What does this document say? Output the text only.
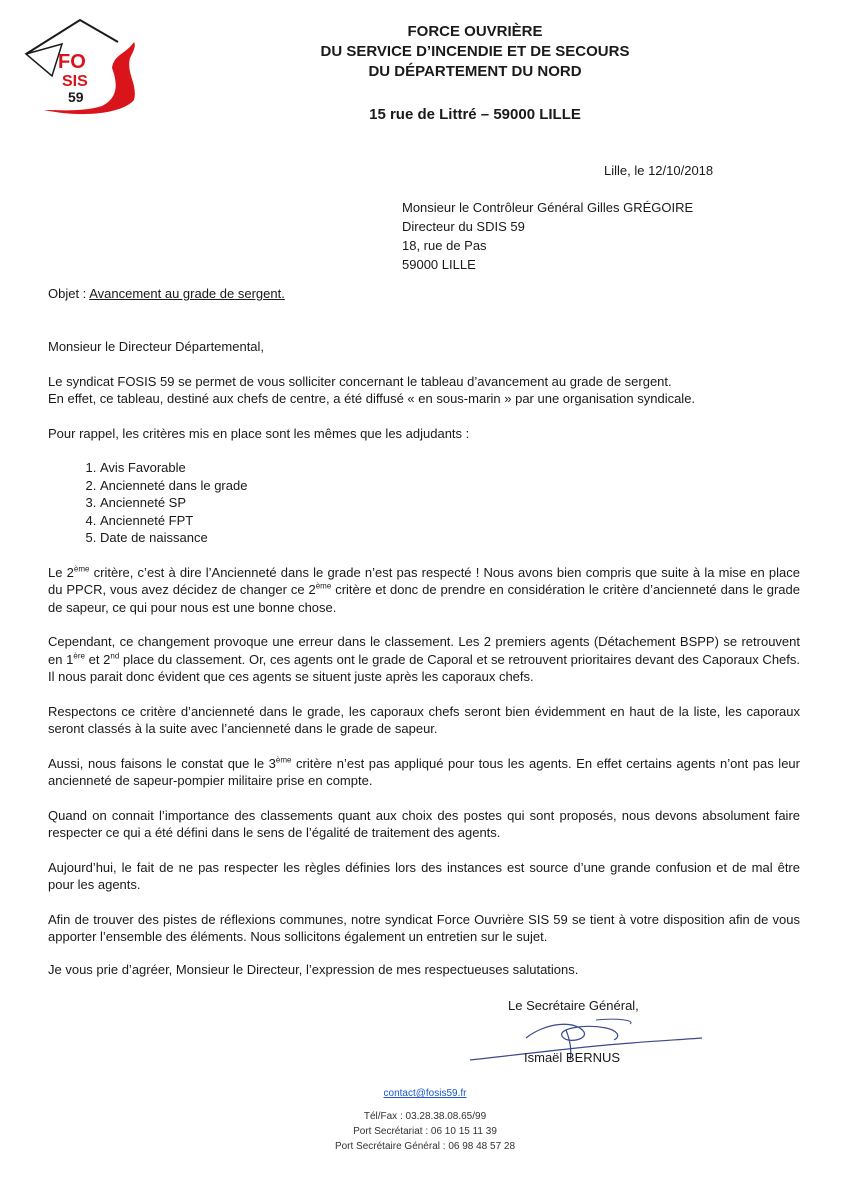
FO
SIS
59
FORCE OUVRIÈRE
DU SERVICE D’INCENDIE ET DE SECOURS
DU DÉPARTEMENT DU NORD
15 rue de Littré – 59000 LILLE
Lille, le 12/10/2018
Monsieur le Contrôleur Général Gilles GRÉGOIRE
Directeur du SDIS 59
18, rue de Pas
59000 LILLE
Objet : Avancement au grade de sergent.

Monsieur le Directeur Départemental,

Le syndicat FOSIS 59 se permet de vous solliciter concernant le tableau d’avancement au grade de sergent.
En effet, ce tableau, destiné aux chefs de centre, a été diffusé « en sous-marin » par une organisation syndicale.

Pour rappel, les critères mis en place sont les mêmes que les adjudants :

1. Avis Favorable
2. Ancienneté dans le grade
3. Ancienneté SP
4. Ancienneté FPT
5. Date de naissance

Le 2ème critère, c’est à dire l’Ancienneté dans le grade n’est pas respecté ! Nous avons bien compris que suite à la mise en place du PPCR, vous avez décidez de changer ce 2ème critère et donc de prendre en considération le critère d’ancienneté dans le grade de sapeur, ce qui pour nous est une bonne chose.

Cependant, ce changement provoque une erreur dans le classement. Les 2 premiers agents (Détachement BSPP) se retrouvent en 1ère et 2nd place du classement. Or, ces agents ont le grade de Caporal et se retrouvent prioritaires devant des Caporaux Chefs. Il nous parait donc évident que ces agents se situent juste après les caporaux chefs.

Respectons ce critère d’ancienneté dans le grade, les caporaux chefs seront bien évidemment en haut de la liste, les caporaux seront classés à la suite avec l’ancienneté dans le grade de sapeur.

Aussi, nous faisons le constat que le 3ème critère n’est pas appliqué pour tous les agents. En effet certains agents n’ont pas leur ancienneté de sapeur-pompier militaire prise en compte.

Quand on connait l’importance des classements quant aux choix des postes qui sont proposés, nous devons absolument faire respecter ce qui a été défini dans le sens de l’égalité de traitement des agents.

Aujourd’hui, le fait de ne pas respecter les règles définies lors des instances est source d’une grande confusion et de mal être pour les agents.

Afin de trouver des pistes de réflexions communes, notre syndicat Force Ouvrière SIS 59 se tient à votre disposition afin de vous apporter l’ensemble des éléments. Nous sollicitons également un entretien sur le sujet.

Je vous prie d’agréer, Monsieur le Directeur, l’expression de mes respectueuses salutations.
Le Secrétaire Général,
Ismaël BERNUS
contact@fosis59.fr
Tél/Fax : 03.28.38.08.65/99
Port Secrétariat : 06 10 15 11 39
Port Secrétaire Général : 06 98 48 57 28
